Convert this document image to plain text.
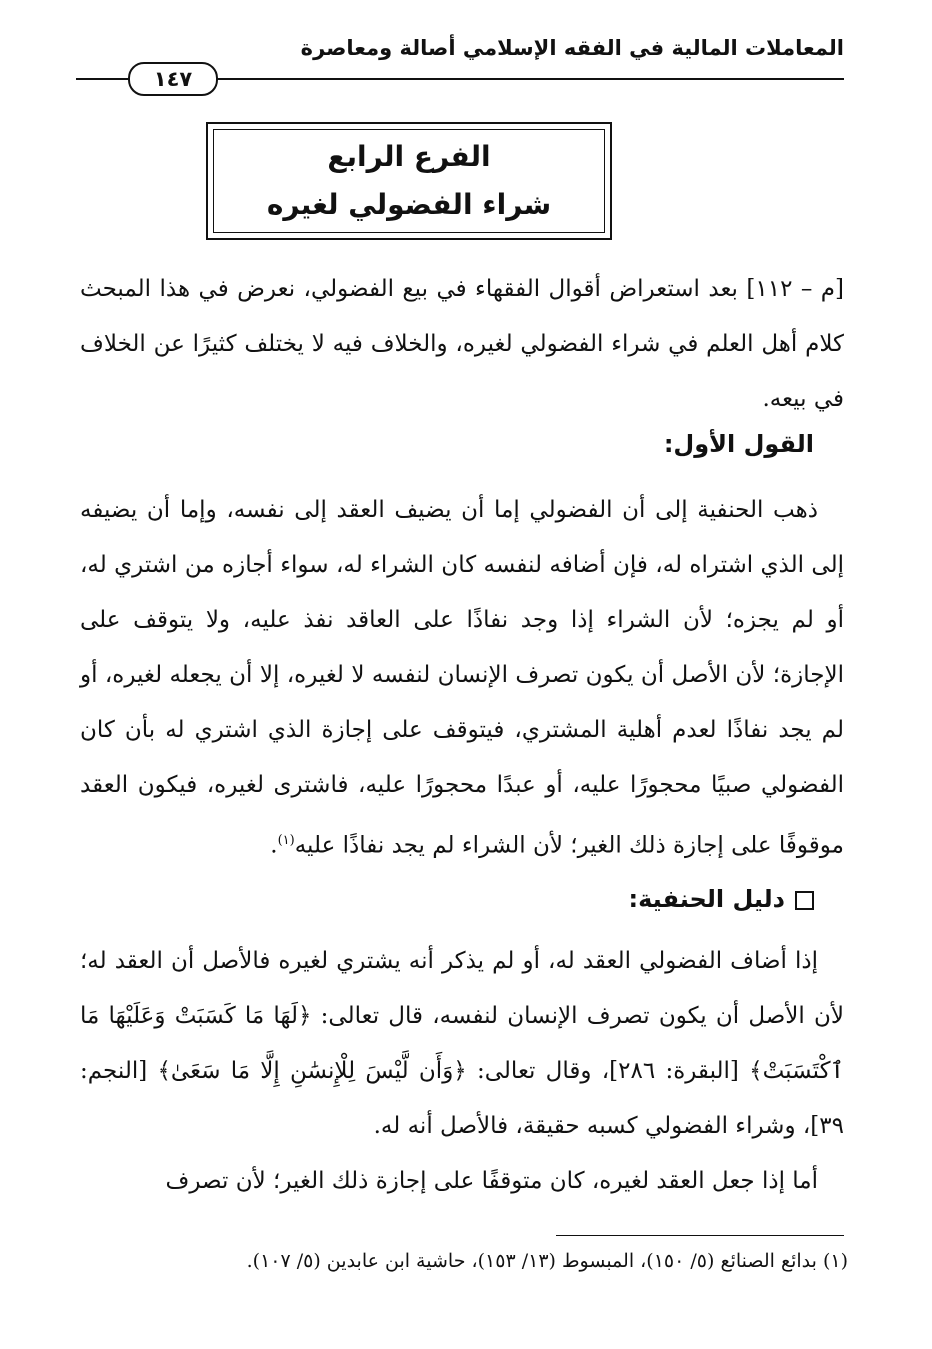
المعاملات المالية في الفقه الإسلامي أصالة ومعاصرة
١٤٧
الفرع الرابع
شراء الفضولي لغيره

[م – ١١٢] بعد استعراض أقوال الفقهاء في بيع الفضولي، نعرض في هذا المبحث كلام أهل العلم في شراء الفضولي لغيره، والخلاف فيه لا يختلف كثيرًا عن الخلاف في بيعه.

القول الأول:

ذهب الحنفية إلى أن الفضولي إما أن يضيف العقد إلى نفسه، وإما أن يضيفه إلى الذي اشتراه له، فإن أضافه لنفسه كان الشراء له، سواء أجازه من اشتري له، أو لم يجزه؛ لأن الشراء إذا وجد نفاذًا على العاقد نفذ عليه، ولا يتوقف على الإجازة؛ لأن الأصل أن يكون تصرف الإنسان لنفسه لا لغيره، إلا أن يجعله لغيره، أو لم يجد نفاذًا لعدم أهلية المشتري، فيتوقف على إجازة الذي اشتري له بأن كان الفضولي صبيًا محجورًا عليه، أو عبدًا محجورًا عليه، فاشترى لغيره، فيكون العقد موقوفًا على إجازة ذلك الغير؛ لأن الشراء لم يجد نفاذًا عليه$^{(١)}$.

دليل الحنفية:

إذا أضاف الفضولي العقد له، أو لم يذكر أنه يشتري لغيره فالأصل أن العقد له؛ لأن الأصل أن يكون تصرف الإنسان لنفسه، قال تعالى: ﴿لَهَا مَا كَسَبَتْ وَعَلَيْهَا مَا ٱكْتَسَبَتْ﴾ [البقرة: ٢٨٦]، وقال تعالى: ﴿وَأَن لَّيْسَ لِلْإِنسَٰنِ إِلَّا مَا سَعَىٰ﴾ [النجم: ٣٩]، وشراء الفضولي كسبه حقيقة، فالأصل أنه له.

أما إذا جعل العقد لغيره، كان متوقفًا على إجازة ذلك الغير؛ لأن تصرف

(١) بدائع الصنائع (٥/ ١٥٠)، المبسوط (١٣/ ١٥٣)، حاشية ابن عابدين (٥/ ١٠٧).
